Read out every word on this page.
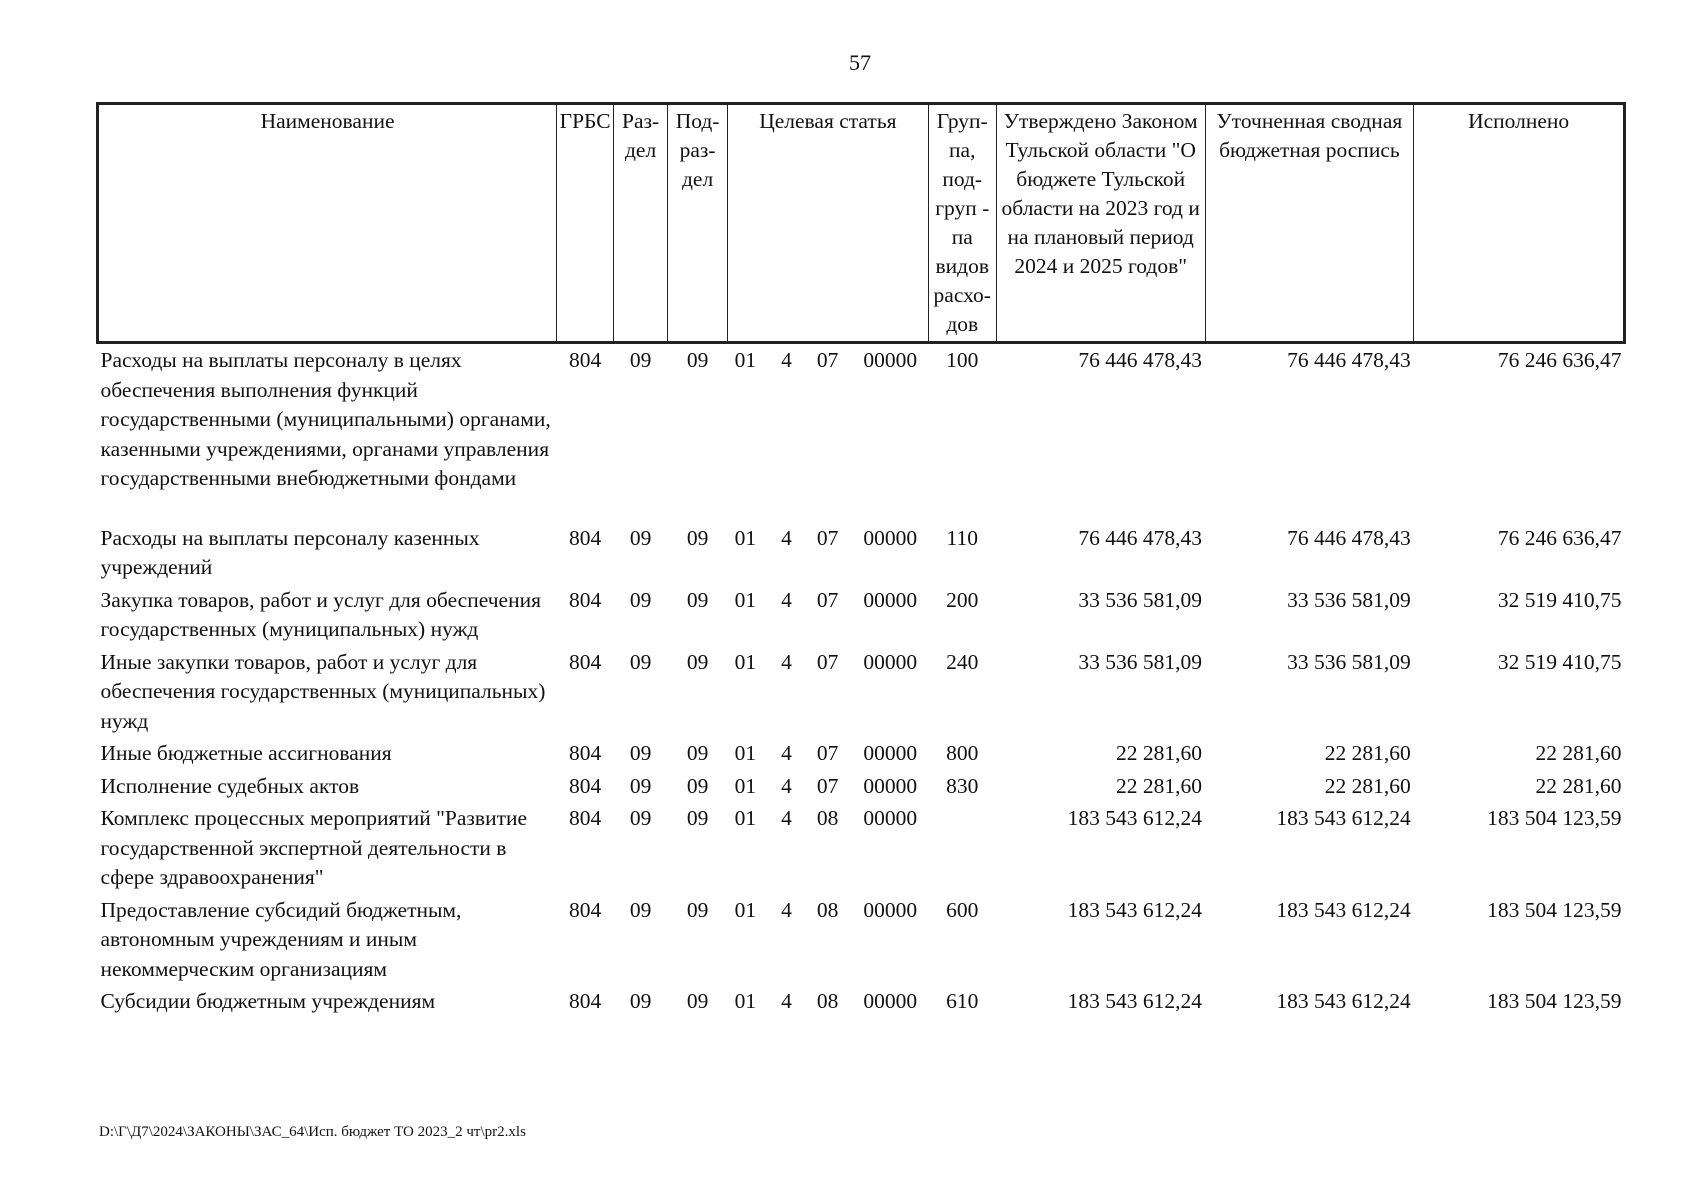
57
Наименование	ГРБС	Раз- дел	Под- раз- дел	Целевая статья	Груп- па, под- груп - па видов расхо- дов	Утверждено Законом Тульской области "О бюджете Тульской области на 2023 год и на плановый период 2024 и 2025 годов"	Уточненная сводная бюджетная роспись	Исполнено
Расходы на выплаты персоналу в целях обеспечения выполнения функций государственными (муниципальными) органами, казенными учреждениями, органами управления государственными внебюджетными фондами	804	09	09	01 4 07 00000	100	76 446 478,43	76 446 478,43	76 246 636,47
Расходы на выплаты персоналу казенных учреждений	804	09	09	01 4 07 00000	110	76 446 478,43	76 446 478,43	76 246 636,47
Закупка товаров, работ и услуг для обеспечения государственных (муниципальных) нужд	804	09	09	01 4 07 00000	200	33 536 581,09	33 536 581,09	32 519 410,75
Иные закупки товаров, работ и услуг для обеспечения государственных (муниципальных) нужд	804	09	09	01 4 07 00000	240	33 536 581,09	33 536 581,09	32 519 410,75
Иные бюджетные ассигнования	804	09	09	01 4 07 00000	800	22 281,60	22 281,60	22 281,60
Исполнение судебных актов	804	09	09	01 4 07 00000	830	22 281,60	22 281,60	22 281,60
Комплекс процессных мероприятий "Развитие государственной экспертной деятельности в сфере здравоохранения"	804	09	09	01 4 08 00000		183 543 612,24	183 543 612,24	183 504 123,59
Предоставление субсидий бюджетным, автономным учреждениям и иным некоммерческим организациям	804	09	09	01 4 08 00000	600	183 543 612,24	183 543 612,24	183 504 123,59
Субсидии бюджетным учреждениям	804	09	09	01 4 08 00000	610	183 543 612,24	183 543 612,24	183 504 123,59
D:\Г\Д7\2024\ЗАКОНЫ\ЗАС_64\Исп. бюджет ТО 2023_2 чт\pr2.xls
